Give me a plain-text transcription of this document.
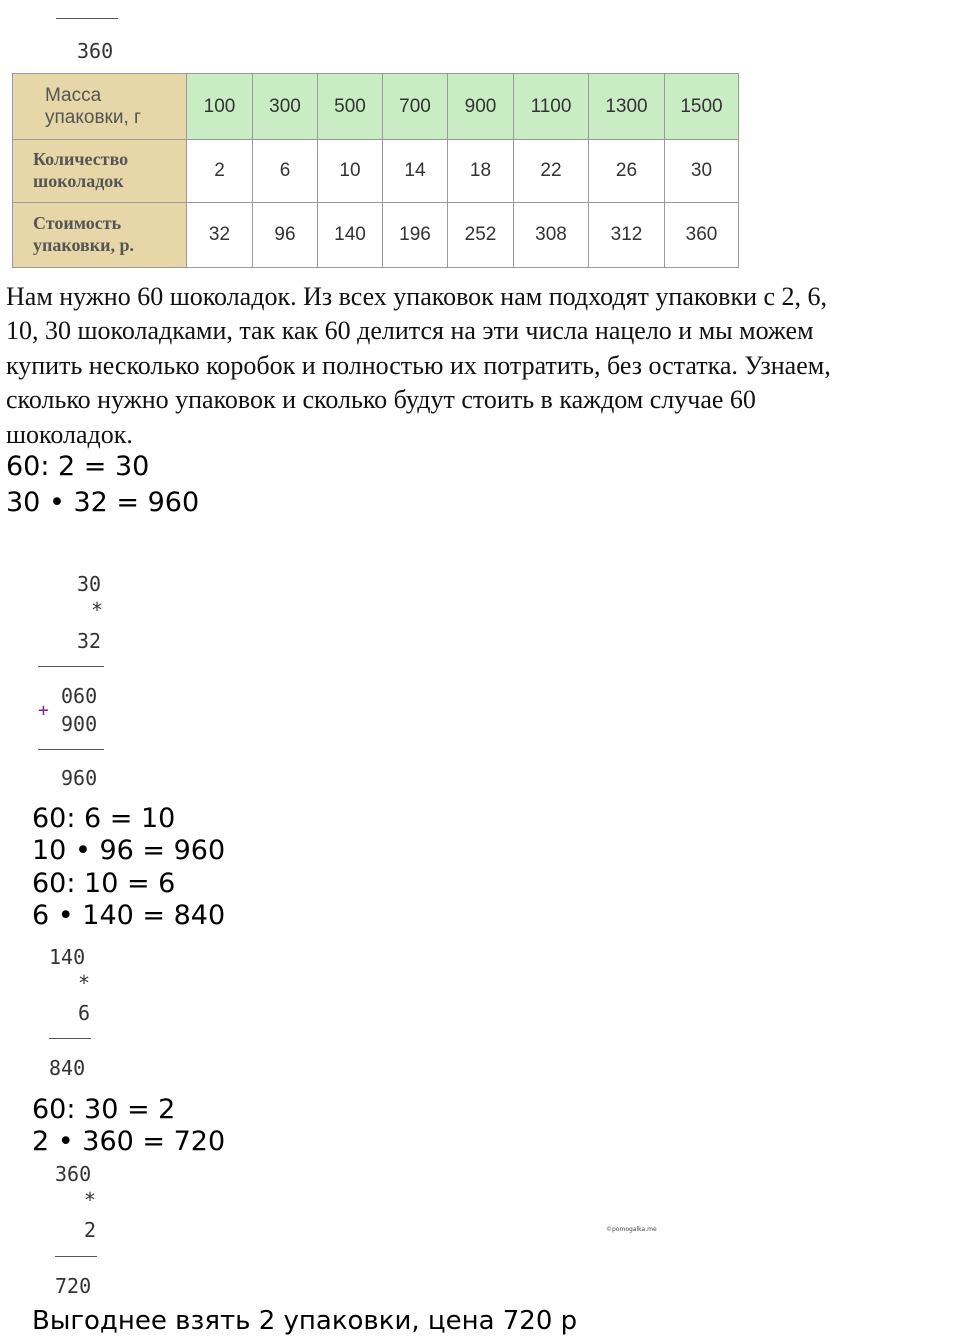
360
Масса упаковки, г	100	300	500	700	900	1100	1300	1500
Количество шоколадок	2	6	10	14	18	22	26	30
Стоимость упаковки, р.	32	96	140	196	252	308	312	360
Нам нужно 60 шоколадок. Из всех упаковок нам подходят упаковки с 2, 6,
10, 30 шоколадками, так как 60 делится на эти числа нацело и мы можем
купить несколько коробок и полностью их потратить, без остатка. Узнаем,
сколько нужно упаковок и сколько будут стоить в каждом случае 60
шоколадок.
60: 2 = 30
30 • 32 = 960
30
*
32
060
+
900
960
60: 6 = 10
10 • 96 = 960
60: 10 = 6
6 • 140 = 840
140
*
6
840
60: 30 = 2
2 • 360 = 720
360
*
2
720
©pomogalka.me
Выгоднее взять 2 упаковки, цена 720 р
